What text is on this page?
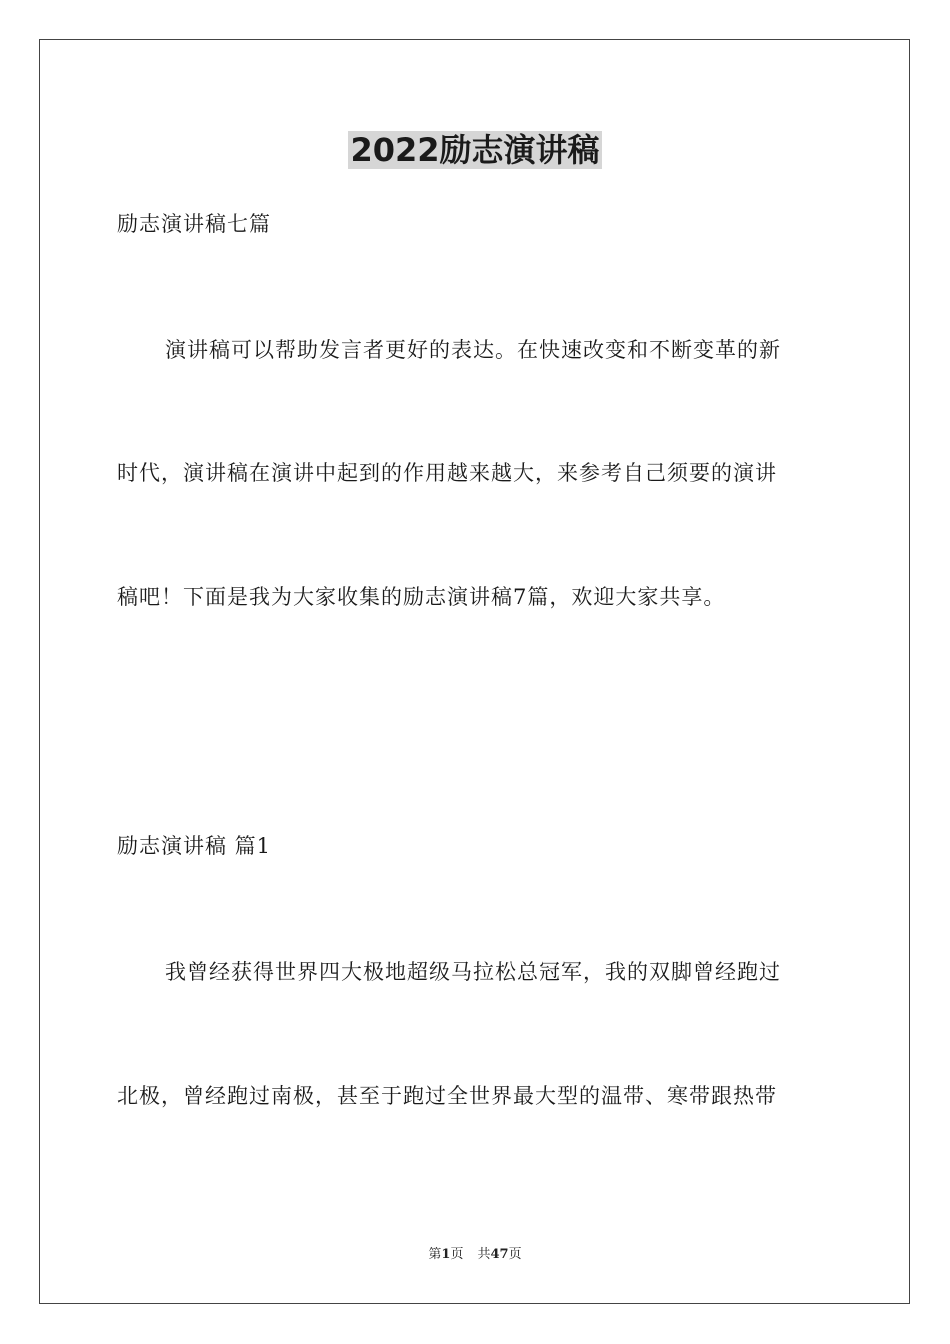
2022励志演讲稿
励志演讲稿七篇
演讲稿可以帮助发言者更好的表达。在快速改变和不断变革的新
时代，演讲稿在演讲中起到的作用越来越大，来参考自己须要的演讲
稿吧！下面是我为大家收集的励志演讲稿7篇，欢迎大家共享。
励志演讲稿 篇1
我曾经获得世界四大极地超级马拉松总冠军，我的双脚曾经跑过
北极，曾经跑过南极，甚至于跑过全世界最大型的温带、寒带跟热带
第1页 共47页
